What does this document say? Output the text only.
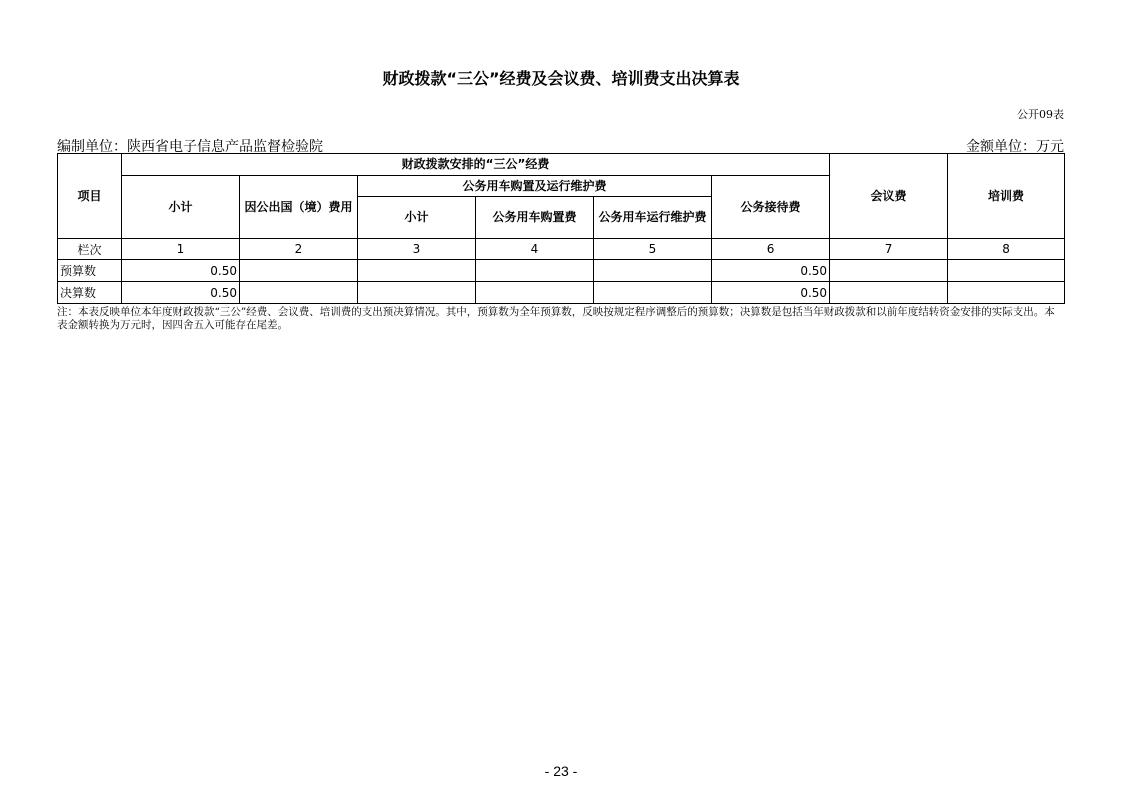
财政拨款“三公”经费及会议费、培训费支出决算表
公开09表
编制单位：陕西省电子信息产品监督检验院	金额单位：万元
项目	财政拨款安排的“三公”经费						会议费	培训费
	小计	因公出国（境）费用	公务用车购置及运行维护费			公务接待费		
			小计	公务用车购置费	公务用车运行维护费			
栏次	1	2	3	4	5	6	7	8
预算数	0.50					0.50		
决算数	0.50					0.50		
注：本表反映单位本年度财政拨款“三公”经费、会议费、培训费的支出预决算情况。其中，预算数为全年预算数，反映按规定程序调整后的预算数；决算数是包括当年财政拨款和以前年度结转资金安排的实际支出。本表金额转换为万元时，因四舍五入可能存在尾差。
- 23 -
